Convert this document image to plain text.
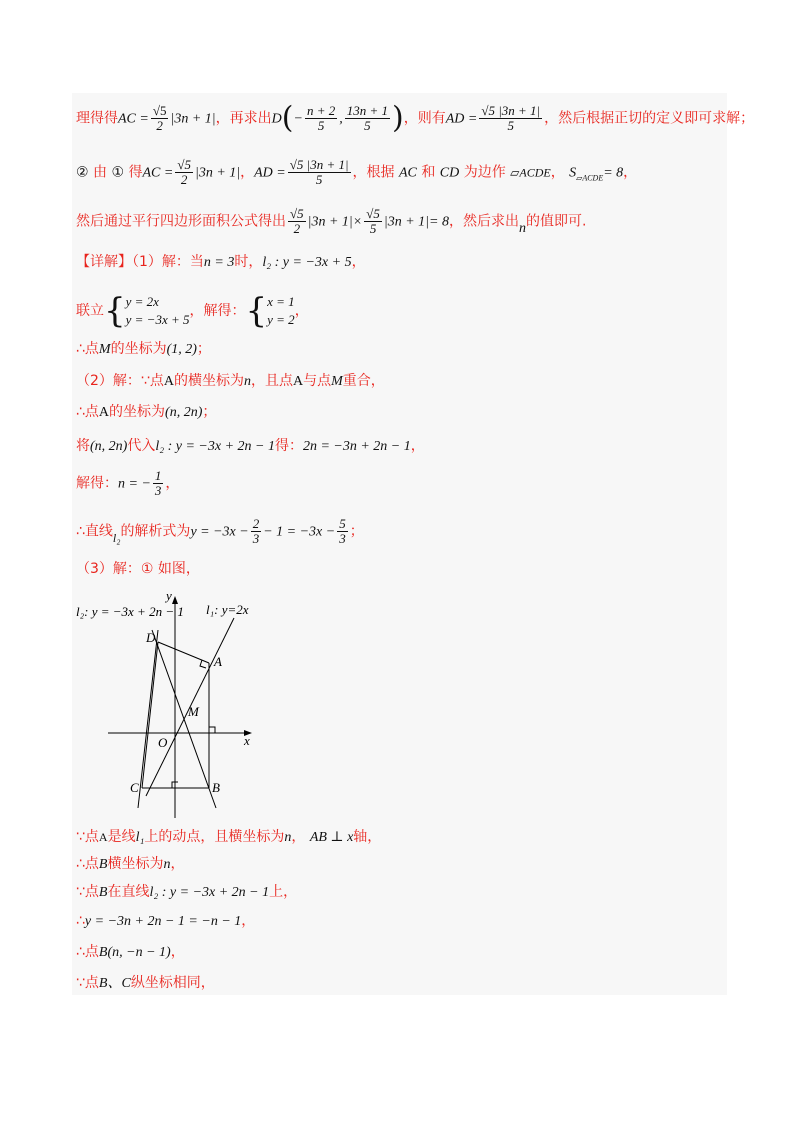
理得得AC = $\frac{√5}{2} |3n + 1|$，再求出$D(- \frac{n + 2}{5}$ , $\frac{13n + 1}{5}$ )，则有AD = $\frac{√5 |3n + 1|}{5}$ ，然后根据正切的定义即可求解；
② 由 ① 得AC = $\frac{√5}{2} |3n + 1|$，AD = $\frac{√5 |3n + 1|}{5}$ ，根据 AC 和 CD 为边作 ▱ACDE， $S_{▱ACDE}= 8$，
然后通过平行四边形面积公式得出 $\frac{√5}{2} |3n + 1|\times \frac{√5}{5} |3n + 1|= 8$，然后求出n的值即可.
【详解】（1）解：当n = 3时，l₂ : y = −3x + 5，
联立{ y = 2x
y = −3x + 5
，解得：{ x = 1
y = 2
，
∴点M的坐标为(1, 2)；
（2）解：∵点A的横坐标为n，且点A与点M重合，
∴点A的坐标为(n, 2n)；
将(n, 2n)代入l₂ : y = −3x + 2n − 1得：2n = −3n + 2n − 1，
解得：n = − $\frac{1}{3}$ ，
∴直线l₂的解析式为$y = -3x - \frac{2}{3} - 1 = -3x - \frac{5}{3}$ ；
（3）解：① 如图，
l₂: y = −3x + 2n − 1 l₁: y=2x
y
x
O
A
B
C
D
M
∵点A是线l₁上的动点，且横坐标为n， AB ⊥ x轴，
∴点B横坐标为n，
∵点B在直线l₂ : y = −3x + 2n − 1上，
∴y = −3n + 2n − 1 = −n − 1，
∴点B(n, −n − 1)，
∵点B、C纵坐标相同，
